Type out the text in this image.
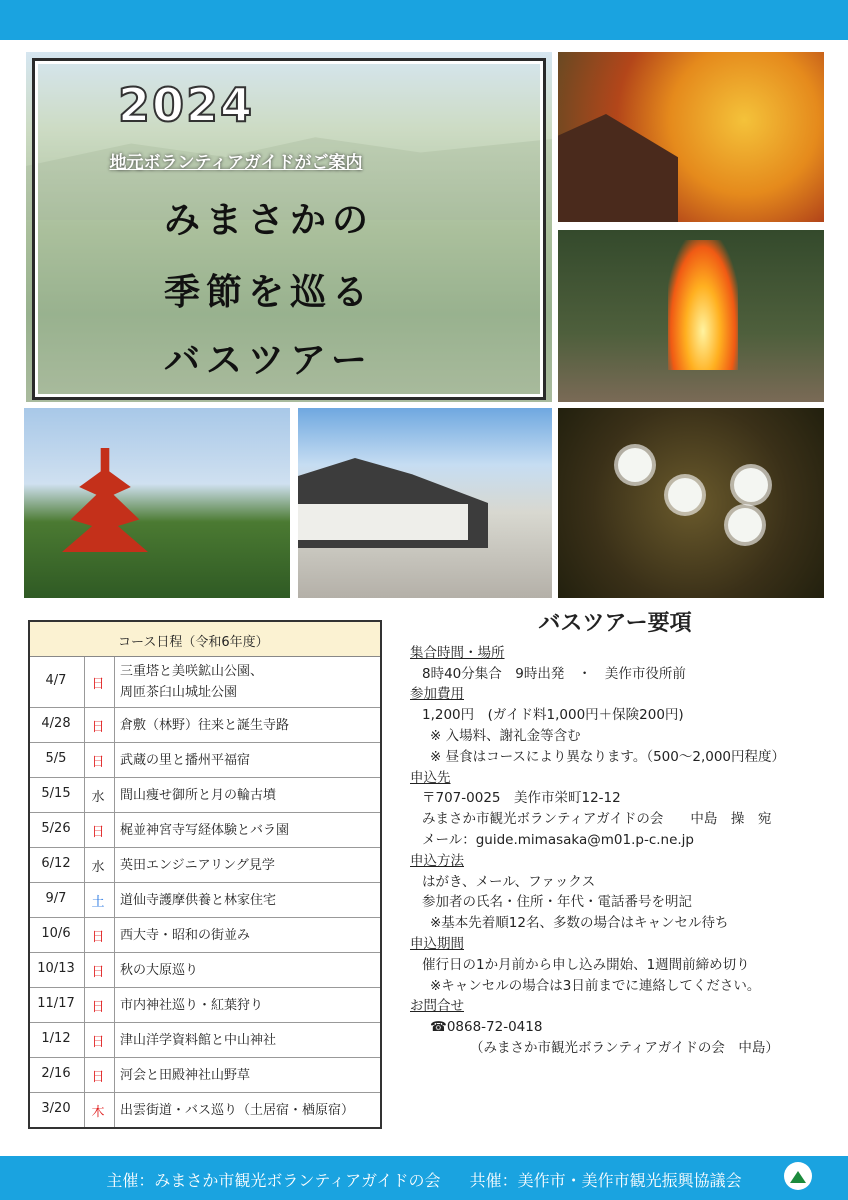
2024
地元ボランティアガイドがご案内
みまさかの
季節を巡る
バスツアー
コース日程（令和6年度）
4/7	日
三重塔と美咲鉱山公園、
周匝茶臼山城址公園
4/28	日	倉敷（林野）往来と誕生寺路
5/5	日	武蔵の里と播州平福宿
5/15	水	間山痩せ御所と月の輪古墳
5/26	日	梶並神宮寺写経体験とバラ園
6/12	水	英田エンジニアリング見学
9/7	土	道仙寺護摩供養と林家住宅
10/6	日	西大寺・昭和の街並み
10/13	日	秋の大原巡り
11/17	日	市内神社巡り・紅葉狩り
1/12	日	津山洋学資料館と中山神社
2/16	日	河会と田殿神社山野草
3/20	木	出雲街道・バス巡り（土居宿・楢原宿）
バスツアー要項
集合時間・場所
8時40分集合　9時出発　・　美作市役所前
参加費用
1,200円　(ガイド料1,000円＋保険200円)
※ 入場料、謝礼金等含む
※ 昼食はコースにより異なります。（500～2,000円程度）
申込先
〒707-0025　美作市栄町12-12
みまさか市観光ボランティアガイドの会　　中島　操　宛
メール：guide.mimasaka@m01.p-c.ne.jp
申込方法
はがき、メール、ファックス
参加者の氏名・住所・年代・電話番号を明記
※基本先着順12名、多数の場合はキャンセル待ち
申込期間
催行日の1か月前から申し込み開始、1週間前締め切り
※キャンセルの場合は3日前までに連絡してください。
お問合せ
☎0868-72-0418
（みまさか市観光ボランティアガイドの会　中島）
主催：みまさか市観光ボランティアガイドの会 共催：美作市・美作市観光振興協議会
